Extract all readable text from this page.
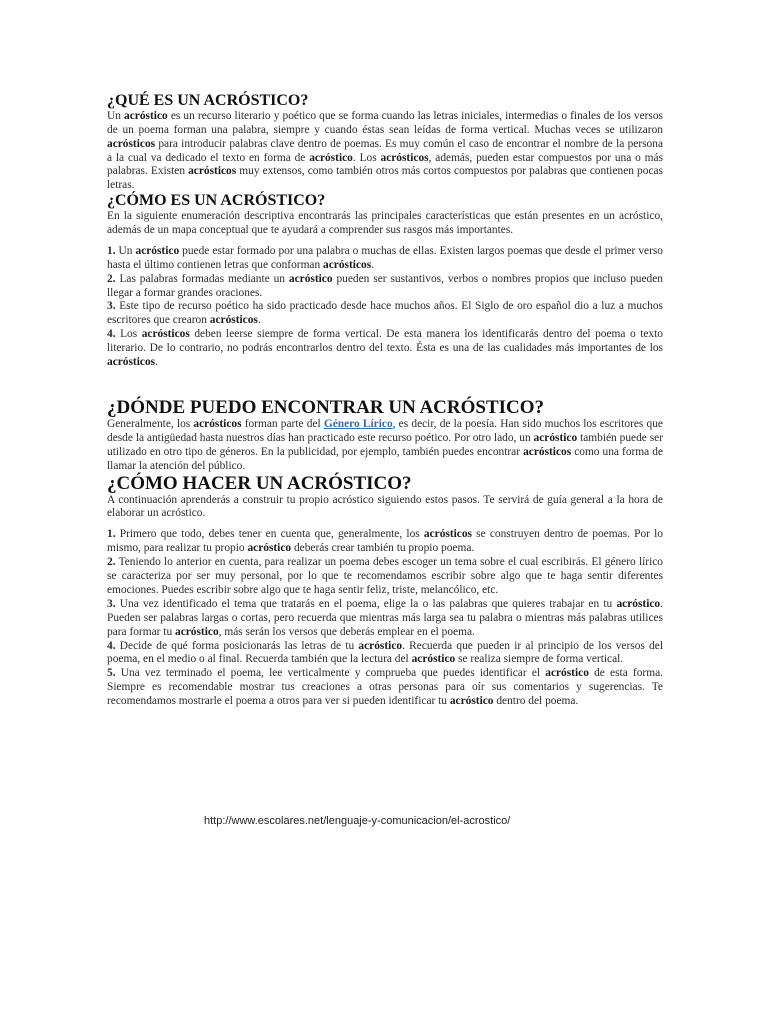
¿QUÉ ES UN ACRÓSTICO?

Un acróstico es un recurso literario y poético que se forma cuando las letras iniciales, intermedias o finales de los versos de un poema forman una palabra, siempre y cuando éstas sean leídas de forma vertical. Muchas veces se utilizaron acrósticos para introducir palabras clave dentro de poemas. Es muy común el caso de encontrar el nombre de la persona a la cual va dedicado el texto en forma de acróstico. Los acrósticos, además, pueden estar compuestos por una o más palabras. Existen acrósticos muy extensos, como también otros más cortos compuestos por palabras que contienen pocas letras.

¿CÓMO ES UN ACRÓSTICO?

En la siguiente enumeración descriptiva encontrarás las principales características que están presentes en un acróstico, además de un mapa conceptual que te ayudará a comprender sus rasgos más importantes.

1. Un acróstico puede estar formado por una palabra o muchas de ellas. Existen largos poemas que desde el primer verso hasta el último contienen letras que conforman acrósticos.

2. Las palabras formadas mediante un acróstico pueden ser sustantivos, verbos o nombres propios que incluso pueden llegar a formar grandes oraciones.

3. Este tipo de recurso poético ha sido practicado desde hace muchos años. El Siglo de oro español dio a luz a muchos escritores que crearon acrósticos.

4. Los acrósticos deben leerse siempre de forma vertical. De esta manera los identificarás dentro del poema o texto literario. De lo contrario, no podrás encontrarlos dentro del texto. Ésta es una de las cualidades más importantes de los acrósticos.

¿DÓNDE PUEDO ENCONTRAR UN ACRÓSTICO?

Generalmente, los acrósticos forman parte del Género Lírico, es decir, de la poesía. Han sido muchos los escritores que desde la antigüedad hasta nuestros días han practicado este recurso poético. Por otro lado, un acróstico también puede ser utilizado en otro tipo de géneros. En la publicidad, por ejemplo, también puedes encontrar acrósticos como una forma de llamar la atención del público.

¿CÓMO HACER UN ACRÓSTICO?

A continuación aprenderás a construir tu propio acróstico siguiendo estos pasos. Te servirá de guía general a la hora de elaborar un acróstico.

1. Primero que todo, debes tener en cuenta que, generalmente, los acrósticos se construyen dentro de poemas. Por lo mismo, para realizar tu propio acróstico deberás crear también tu propio poema.

2. Teniendo lo anterior en cuenta, para realizar un poema debes escoger un tema sobre el cual escribirás. El género lírico se caracteriza por ser muy personal, por lo que te recomendamos escribir sobre algo que te haga sentir diferentes emociones. Puedes escribir sobre algo que te haga sentir feliz, triste, melancólico, etc.

3. Una vez identificado el tema que tratarás en el poema, elige la o las palabras que quieres trabajar en tu acróstico. Pueden ser palabras largas o cortas, pero recuerda que mientras más larga sea tu palabra o mientras más palabras utilices para formar tu acróstico, más serán los versos que deberás emplear en el poema.

4. Decide de qué forma posicionarás las letras de tu acróstico. Recuerda que pueden ir al principio de los versos del poema, en el medio o al final. Recuerda también que la lectura del acróstico se realiza siempre de forma vertical.

5. Una vez terminado el poema, lee verticalmente y comprueba que puedes identificar el acróstico de esta forma. Siempre es recomendable mostrar tus creaciones a otras personas para oír sus comentarios y sugerencias. Te recomendamos mostrarle el poema a otros para ver si pueden identificar tu acróstico dentro del poema.

http://www.escolares.net/lenguaje-y-comunicacion/el-acrostico/
